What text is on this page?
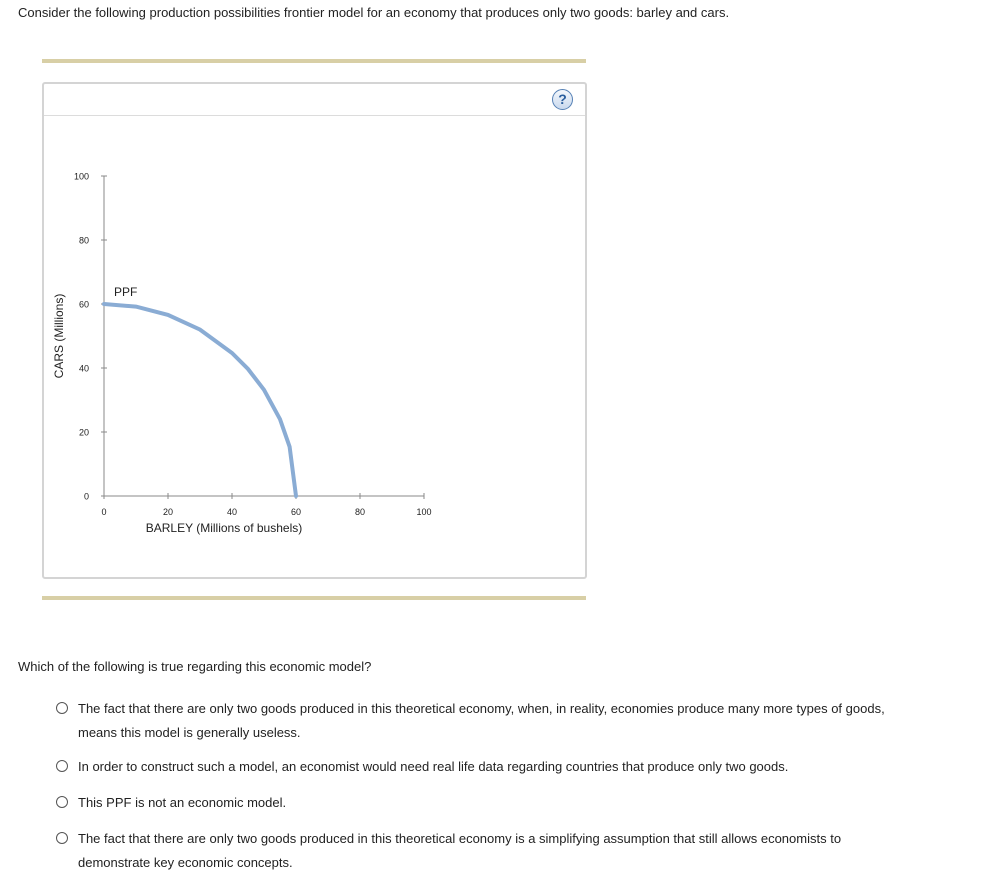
Consider the following production possibilities frontier model for an economy that produces only two goods: barley and cars.
?
0
20
40
60
80
100
0	20	40	60	80	100
PPF
BARLEY (Millions of bushels)
CARS (Millions)
Which of the following is true regarding this economic model?
The fact that there are only two goods produced in this theoretical economy, when, in reality, economies produce many more types of goods, means this model is generally useless.
In order to construct such a model, an economist would need real life data regarding countries that produce only two goods.
This PPF is not an economic model.
The fact that there are only two goods produced in this theoretical economy is a simplifying assumption that still allows economists to demonstrate key economic concepts.
